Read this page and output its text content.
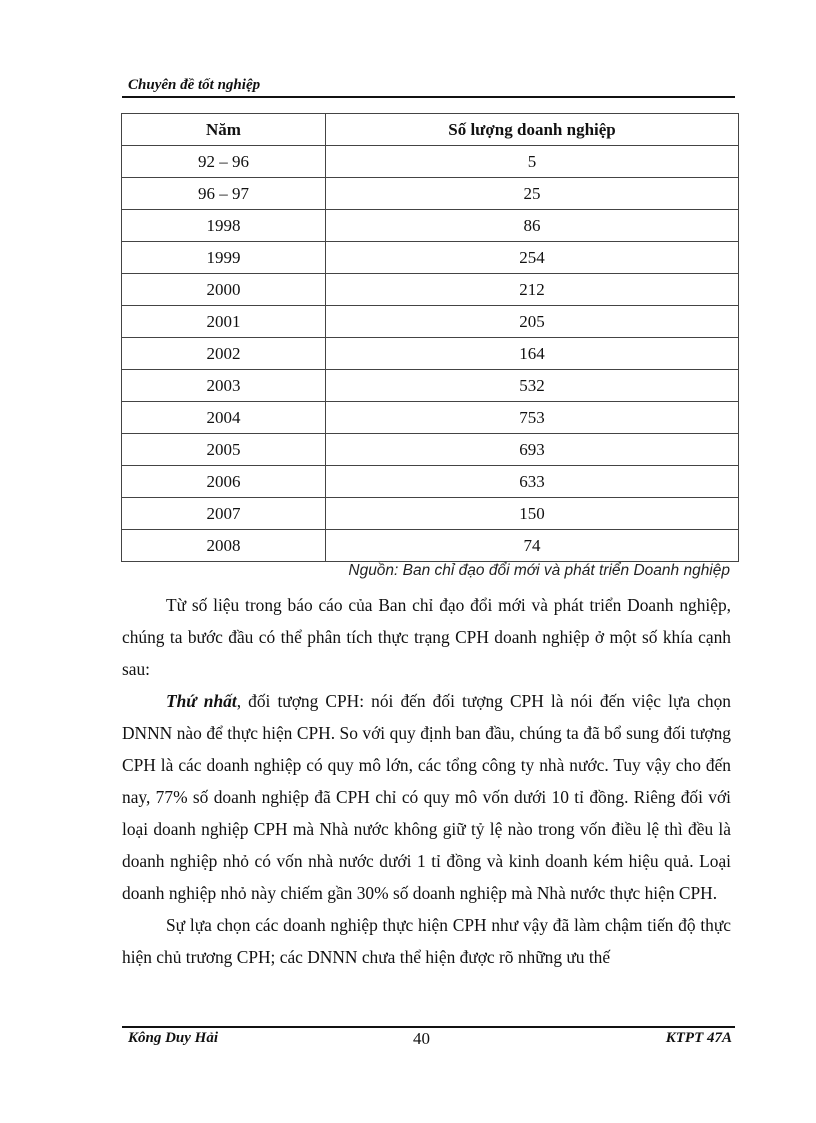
Chuyên đề tốt nghiệp
Năm	Số lượng doanh nghiệp
92 – 96	5
96 – 97	25
1998	86
1999	254
2000	212
2001	205
2002	164
2003	532
2004	753
2005	693
2006	633
2007	150
2008	74
Nguồn: Ban chỉ đạo đổi mới và phát triển Doanh nghiệp

Từ số liệu trong báo cáo của Ban chỉ đạo đổi mới và phát triển Doanh nghiệp, chúng ta bước đầu có thể phân tích thực trạng CPH doanh nghiệp ở một số khía cạnh sau:

Thứ nhất, đối tượng CPH: nói đến đối tượng CPH là nói đến việc lựa chọn DNNN nào để thực hiện CPH. So với quy định ban đầu, chúng ta đã bổ sung đối tượng CPH là các doanh nghiệp có quy mô lớn, các tổng công ty nhà nước. Tuy vậy cho đến nay, 77% số doanh nghiệp đã CPH chỉ có quy mô vốn dưới 10 tỉ đồng. Riêng đối với loại doanh nghiệp CPH mà Nhà nước không giữ tỷ lệ nào trong vốn điều lệ thì đều là doanh nghiệp nhỏ có vốn nhà nước dưới 1 tỉ đồng và kinh doanh kém hiệu quả. Loại doanh nghiệp nhỏ này chiếm gần 30% số doanh nghiệp mà Nhà nước thực hiện CPH.

Sự lựa chọn các doanh nghiệp thực hiện CPH như vậy đã làm chậm tiến độ thực hiện chủ trương CPH; các DNNN chưa thể hiện được rõ những ưu thế

Kông Duy Hải	40	KTPT 47A
